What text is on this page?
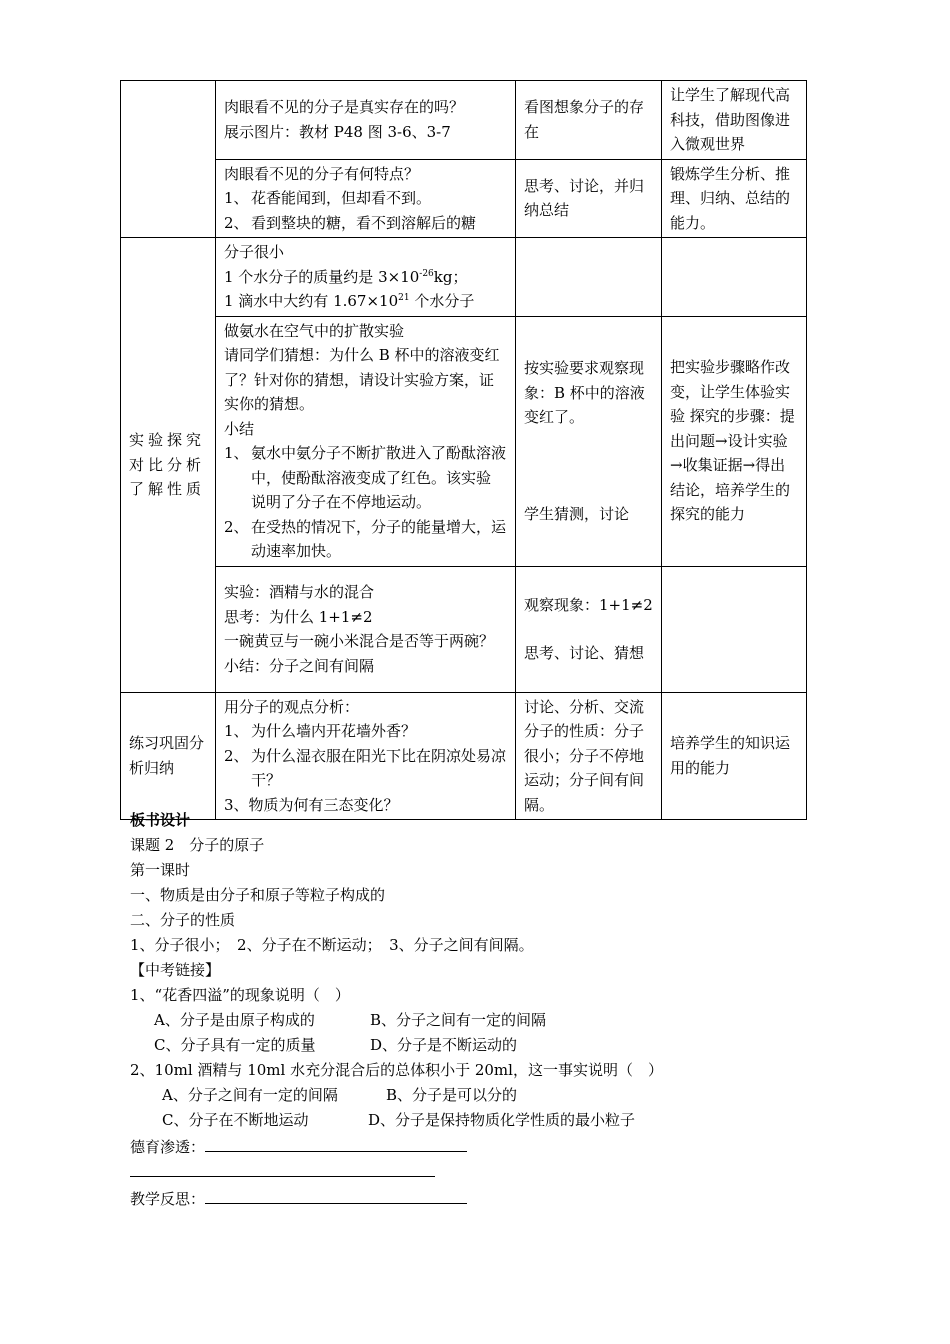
	肉眼看不见的分子是真实存在的吗？
展示图片：教材 P48 图 3-6、3-7	看图想象分子的存在	让学生了解现代高科技，借助图像进入微观世界

	肉眼看不见的分子有何特点？
1、 花香能闻到，但却看不到。
2、 看到整块的糖，看不到溶解后的糖	思考、讨论，并归纳总结	锻炼学生分析、推理、归纳、总结的能力。
实验探究对比分析了解性质	分子很小
1 个水分子的质量约是 $3\times 10^{-26}kg$；
1 滴水中大约有 $1.67\times 10^{21}$ 个水分子		

	做氨水在空气中的扩散实验
请同学们猜想：为什么 B 杯中的溶液变红了？针对你的猜想，请设计实验方案，证实你的猜想。
小结
1、 氨水中氨分子不断扩散进入了酚酞溶液中，使酚酞溶液变成了红色。该实验 说明了分子在不停地运动。
2、 在受热的情况下，分子的能量增大，运动速率加快。	按实验要求观察现象：B 杯中的溶液变红了。
学生猜测，讨论	把实验步骤略作改变，让学生体验实验 探究的步骤：提出问题→设计实验→收集证据→得出结论，培养学生的探究的能力

	实验：酒精与水的混合
思考：为什么 1+1≠2
一碗黄豆与一碗小米混合是否等于两碗？
小结：分子之间有间隔	观察现象：1+1≠2
思考、讨论、猜想	

练习巩固分析归纳	用分子的观点分析：
1、 为什么墙内开花墙外香？
2、 为什么湿衣服在阳光下比在阴凉处易凉干？
3、物质为何有三态变化？	讨论、分析、交流分子的性质：分子很小；分子不停地运动；分子间有间隔。	培养学生的知识运用的能力
板书设计
课题 2　分子的原子
第一课时
一、物质是由分子和原子等粒子构成的
二、分子的性质
1、分子很小；　2、分子在不断运动；　3、分子之间有间隔。
【中考链接】
1、“花香四溢”的现象说明（　）
A、分子是由原子构成的	B、分子之间有一定的间隔
C、分子具有一定的质量	D、分子是不断运动的
2、10ml 酒精与 10ml 水充分混合后的总体积小于 20ml，这一事实说明（　）
A、分子之间有一定的间隔	B、分子是可以分的
C、分子在不断地运动	D、分子是保持物质化学性质的最小粒子
德育渗透：
教学反思：
